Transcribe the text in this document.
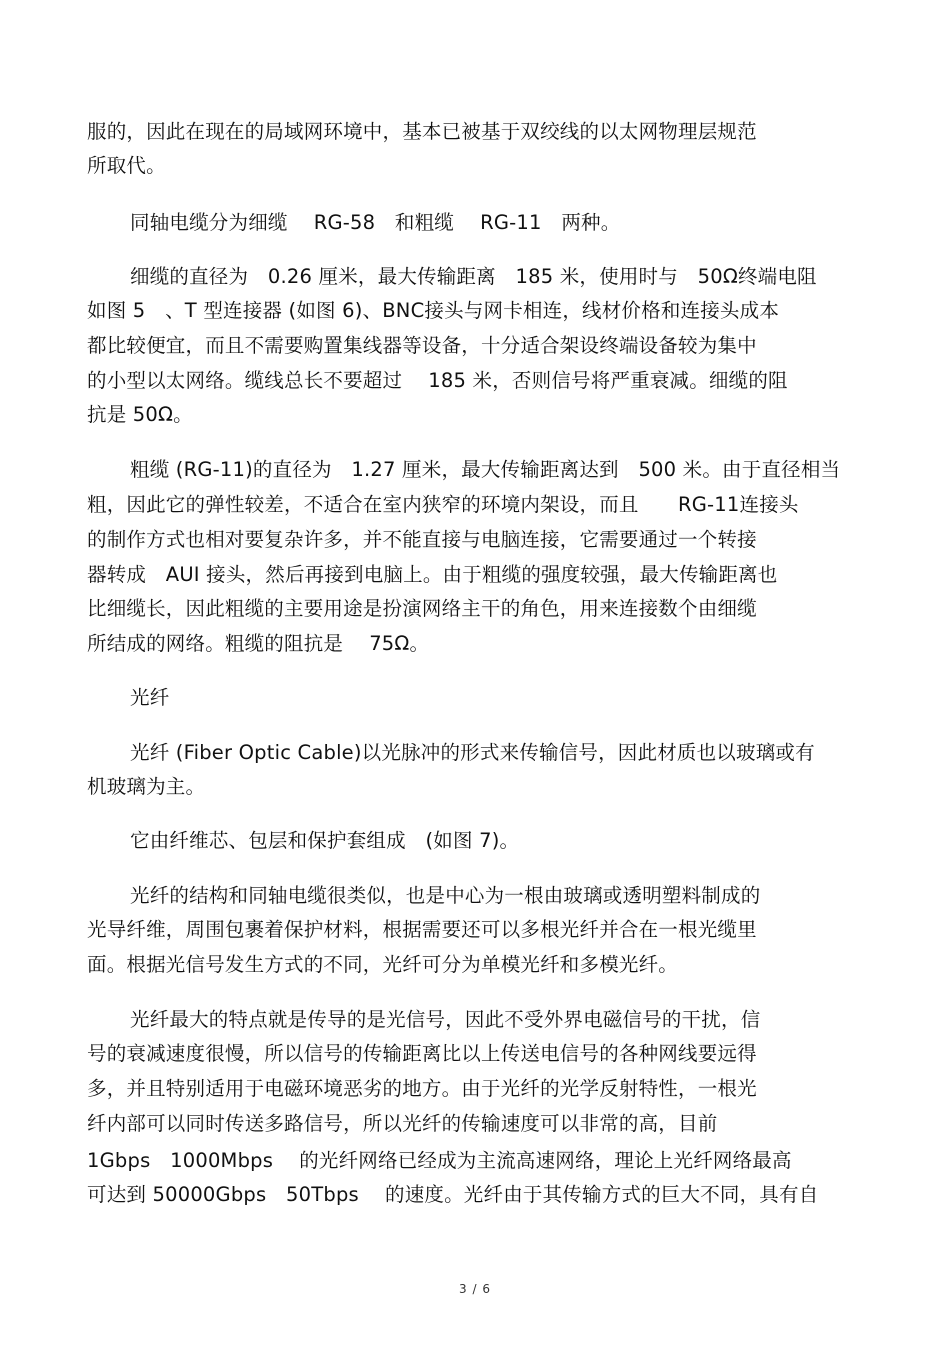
服的，因此在现在的局域网环境中，基本已被基于双绞线的以太网物理层规范
所取代。
同轴电缆分为细缆　 RG-58　和粗缆　 RG-11　两种。
细缆的直径为　0.26 厘米，最大传输距离　185 米，使用时与　50Ω终端电阻
如图 5　、T 型连接器 (如图 6)、BNC接头与网卡相连，线材价格和连接头成本
都比较便宜，而且不需要购置集线器等设备，十分适合架设终端设备较为集中
的小型以太网络。缆线总长不要超过　 185 米，否则信号将严重衰减。细缆的阻
抗是 50Ω。
粗缆 (RG-11)的直径为　1.27 厘米，最大传输距离达到　500 米。由于直径相当
粗，因此它的弹性较差，不适合在室内狭窄的环境内架设，而且　　RG-11连接头
的制作方式也相对要复杂许多，并不能直接与电脑连接，它需要通过一个转接
器转成　AUI 接头，然后再接到电脑上。由于粗缆的强度较强，最大传输距离也
比细缆长，因此粗缆的主要用途是扮演网络主干的角色，用来连接数个由细缆
所结成的网络。粗缆的阻抗是　 75Ω。
光纤
光纤 (Fiber Optic Cable)以光脉冲的形式来传输信号，因此材质也以玻璃或有
机玻璃为主。
它由纤维芯、包层和保护套组成　(如图 7)。
光纤的结构和同轴电缆很类似，也是中心为一根由玻璃或透明塑料制成的
光导纤维，周围包裹着保护材料，根据需要还可以多根光纤并合在一根光缆里
面。根据光信号发生方式的不同，光纤可分为单模光纤和多模光纤。
光纤最大的特点就是传导的是光信号，因此不受外界电磁信号的干扰，信
号的衰减速度很慢，所以信号的传输距离比以上传送电信号的各种网线要远得
多，并且特别适用于电磁环境恶劣的地方。由于光纤的光学反射特性，一根光
纤内部可以同时传送多路信号，所以光纤的传输速度可以非常的高，目前
1Gbps　1000Mbps　 的光纤网络已经成为主流高速网络，理论上光纤网络最高
可达到 50000Gbps　50Tbps　 的速度。光纤由于其传输方式的巨大不同，具有自
3 / 6
